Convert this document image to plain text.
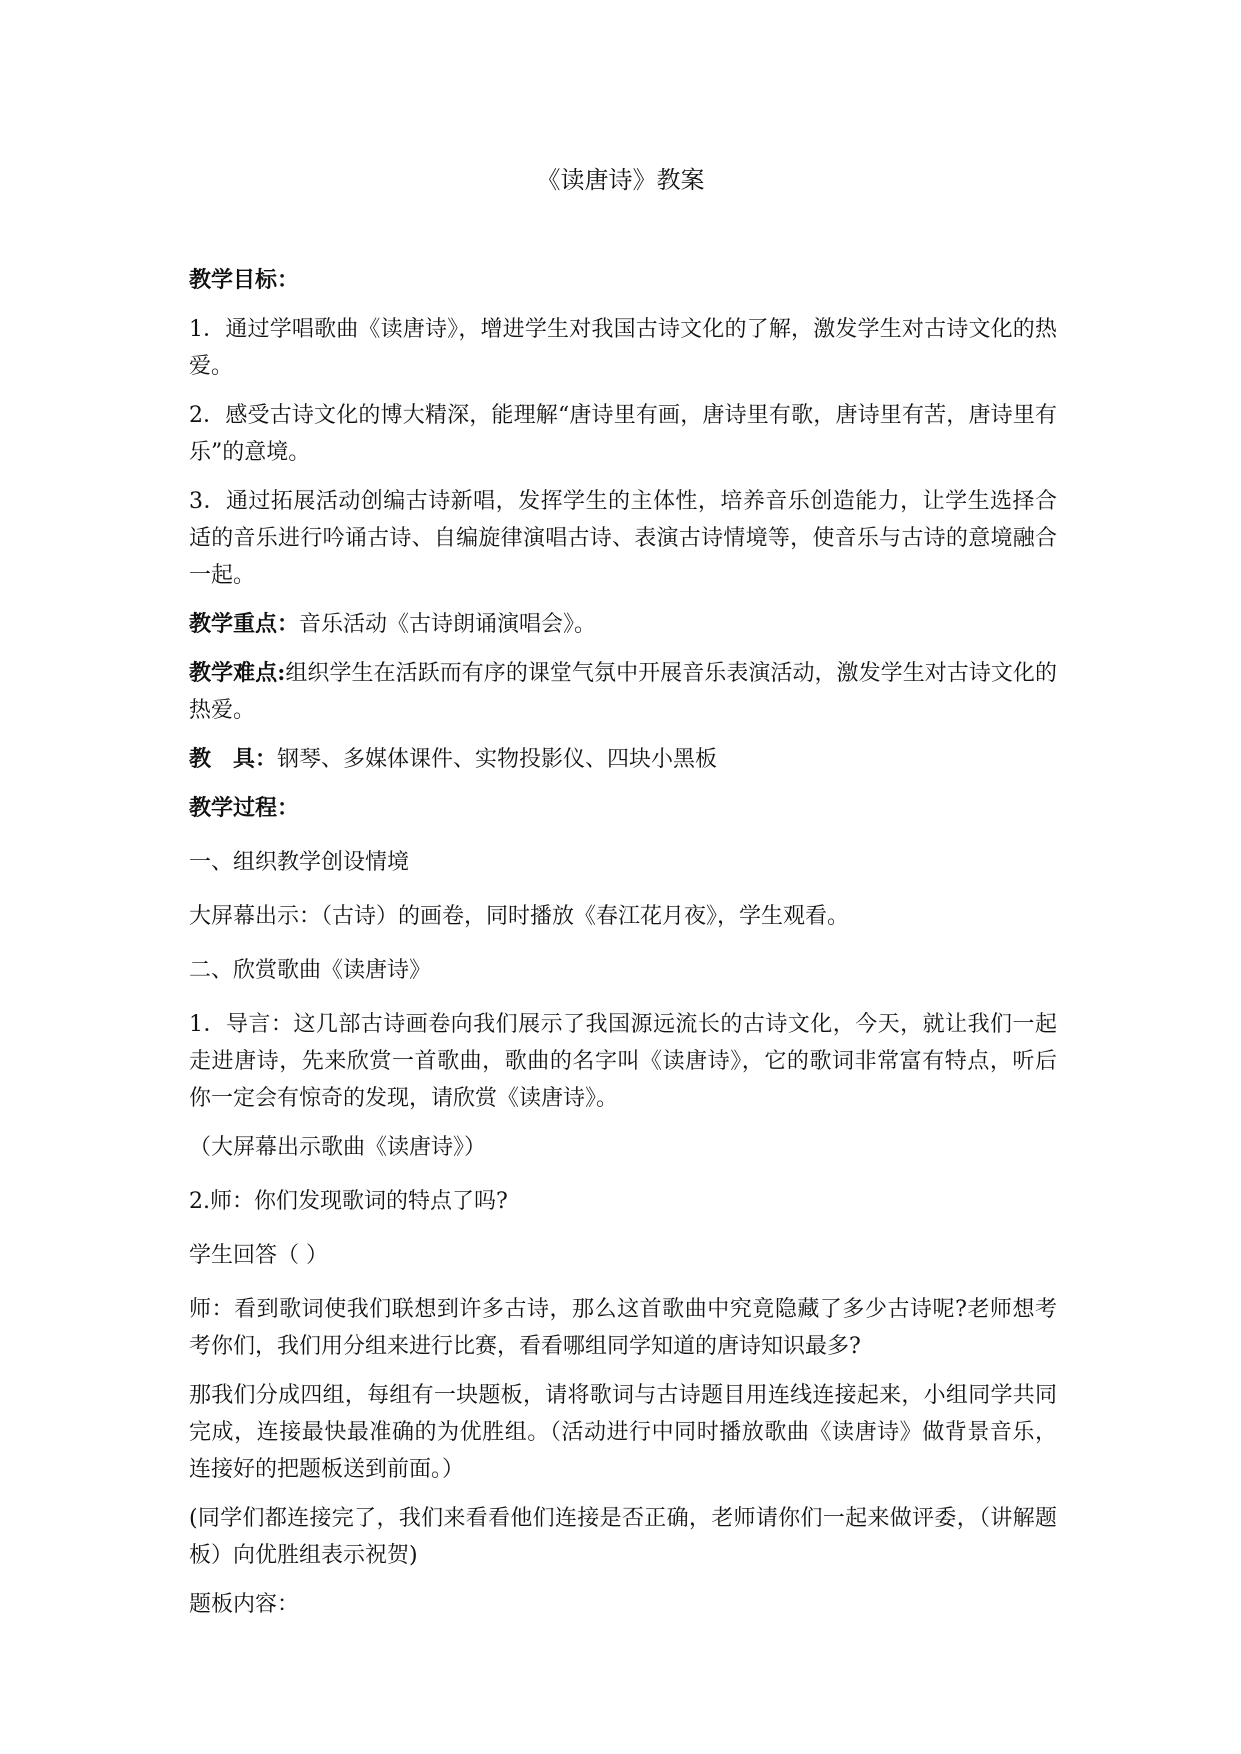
《读唐诗》教案

教学目标：

1．通过学唱歌曲《读唐诗》，增进学生对我国古诗文化的了解，激发学生对古诗文化的热爱。

2．感受古诗文化的博大精深，能理解“唐诗里有画，唐诗里有歌，唐诗里有苦，唐诗里有乐”的意境。

3．通过拓展活动创编古诗新唱，发挥学生的主体性，培养音乐创造能力，让学生选择合适的音乐进行吟诵古诗、自编旋律演唱古诗、表演古诗情境等，使音乐与古诗的意境融合一起。

教学重点：音乐活动《古诗朗诵演唱会》。

教学难点:组织学生在活跃而有序的课堂气氛中开展音乐表演活动，激发学生对古诗文化的热爱。

教　具：钢琴、多媒体课件、实物投影仪、四块小黑板

教学过程：

一、组织教学创设情境

大屏幕出示：（古诗）的画卷，同时播放《春江花月夜》，学生观看。

二、欣赏歌曲《读唐诗》

1．导言：这几部古诗画卷向我们展示了我国源远流长的古诗文化，今天，就让我们一起走进唐诗，先来欣赏一首歌曲，歌曲的名字叫《读唐诗》，它的歌词非常富有特点，听后你一定会有惊奇的发现，请欣赏《读唐诗》。

（大屏幕出示歌曲《读唐诗》）

2.师：你们发现歌词的特点了吗?

学生回答（ ）

师：看到歌词使我们联想到许多古诗，那么这首歌曲中究竟隐藏了多少古诗呢?老师想考考你们，我们用分组来进行比赛，看看哪组同学知道的唐诗知识最多?

那我们分成四组，每组有一块题板，请将歌词与古诗题目用连线连接起来，小组同学共同完成，连接最快最准确的为优胜组。（活动进行中同时播放歌曲《读唐诗》做背景音乐，连接好的把题板送到前面。）

(同学们都连接完了，我们来看看他们连接是否正确，老师请你们一起来做评委，（讲解题板）向优胜组表示祝贺)

题板内容：
